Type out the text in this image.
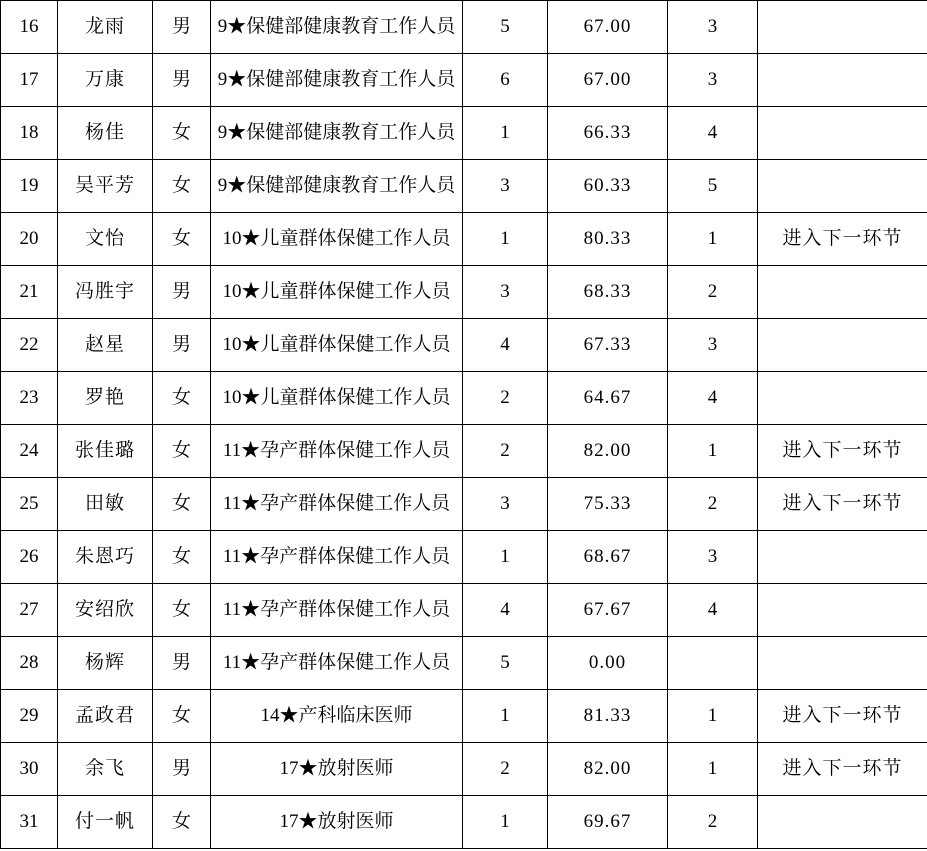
16	龙雨	男	9★保健部健康教育工作人员	5	67.00	3	
17	万康	男	9★保健部健康教育工作人员	6	67.00	3	
18	杨佳	女	9★保健部健康教育工作人员	1	66.33	4	
19	吴平芳	女	9★保健部健康教育工作人员	3	60.33	5	
20	文怡	女	10★儿童群体保健工作人员	1	80.33	1	进入下一环节
21	冯胜宇	男	10★儿童群体保健工作人员	3	68.33	2	
22	赵星	男	10★儿童群体保健工作人员	4	67.33	3	
23	罗艳	女	10★儿童群体保健工作人员	2	64.67	4	
24	张佳璐	女	11★孕产群体保健工作人员	2	82.00	1	进入下一环节
25	田敏	女	11★孕产群体保健工作人员	3	75.33	2	进入下一环节
26	朱恩巧	女	11★孕产群体保健工作人员	1	68.67	3	
27	安绍欣	女	11★孕产群体保健工作人员	4	67.67	4	
28	杨辉	男	11★孕产群体保健工作人员	5	0.00		
29	孟政君	女	14★产科临床医师	1	81.33	1	进入下一环节
30	余飞	男	17★放射医师	2	82.00	1	进入下一环节
31	付一帆	女	17★放射医师	1	69.67	2	
